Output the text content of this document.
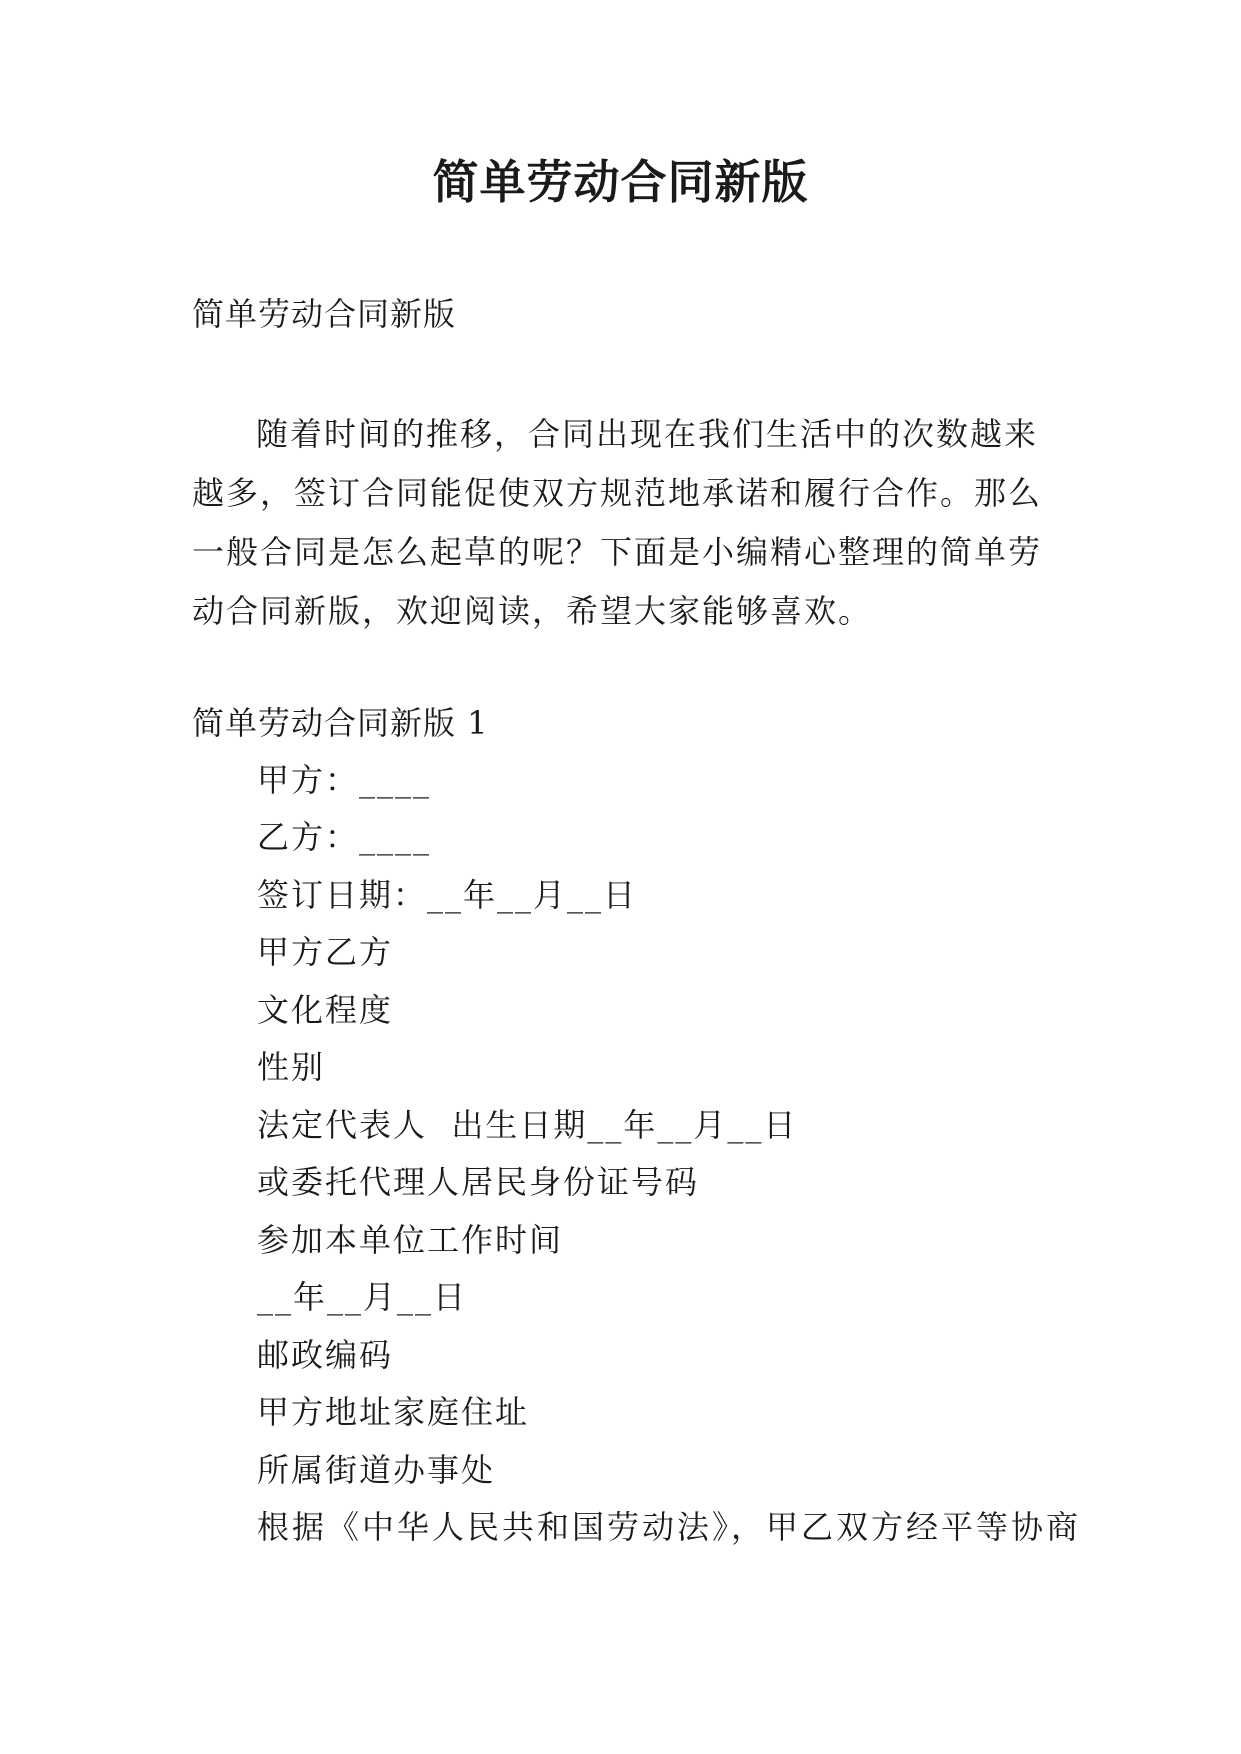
简单劳动合同新版
简单劳动合同新版
随着时间的推移，合同出现在我们生活中的次数越来越多，签订合同能促使双方规范地承诺和履行合作。那么一般合同是怎么起草的呢？下面是小编精心整理的简单劳动合同新版，欢迎阅读，希望大家能够喜欢。
简单劳动合同新版 1
甲方：____
乙方：____
签订日期：__年__月__日
甲方乙方
文化程度
性别
法定代表人  出生日期__年__月__日
或委托代理人居民身份证号码
参加本单位工作时间
__年__月__日
邮政编码
甲方地址家庭住址
所属街道办事处
根据《中华人民共和国劳动法》，甲乙双方经平等协商
